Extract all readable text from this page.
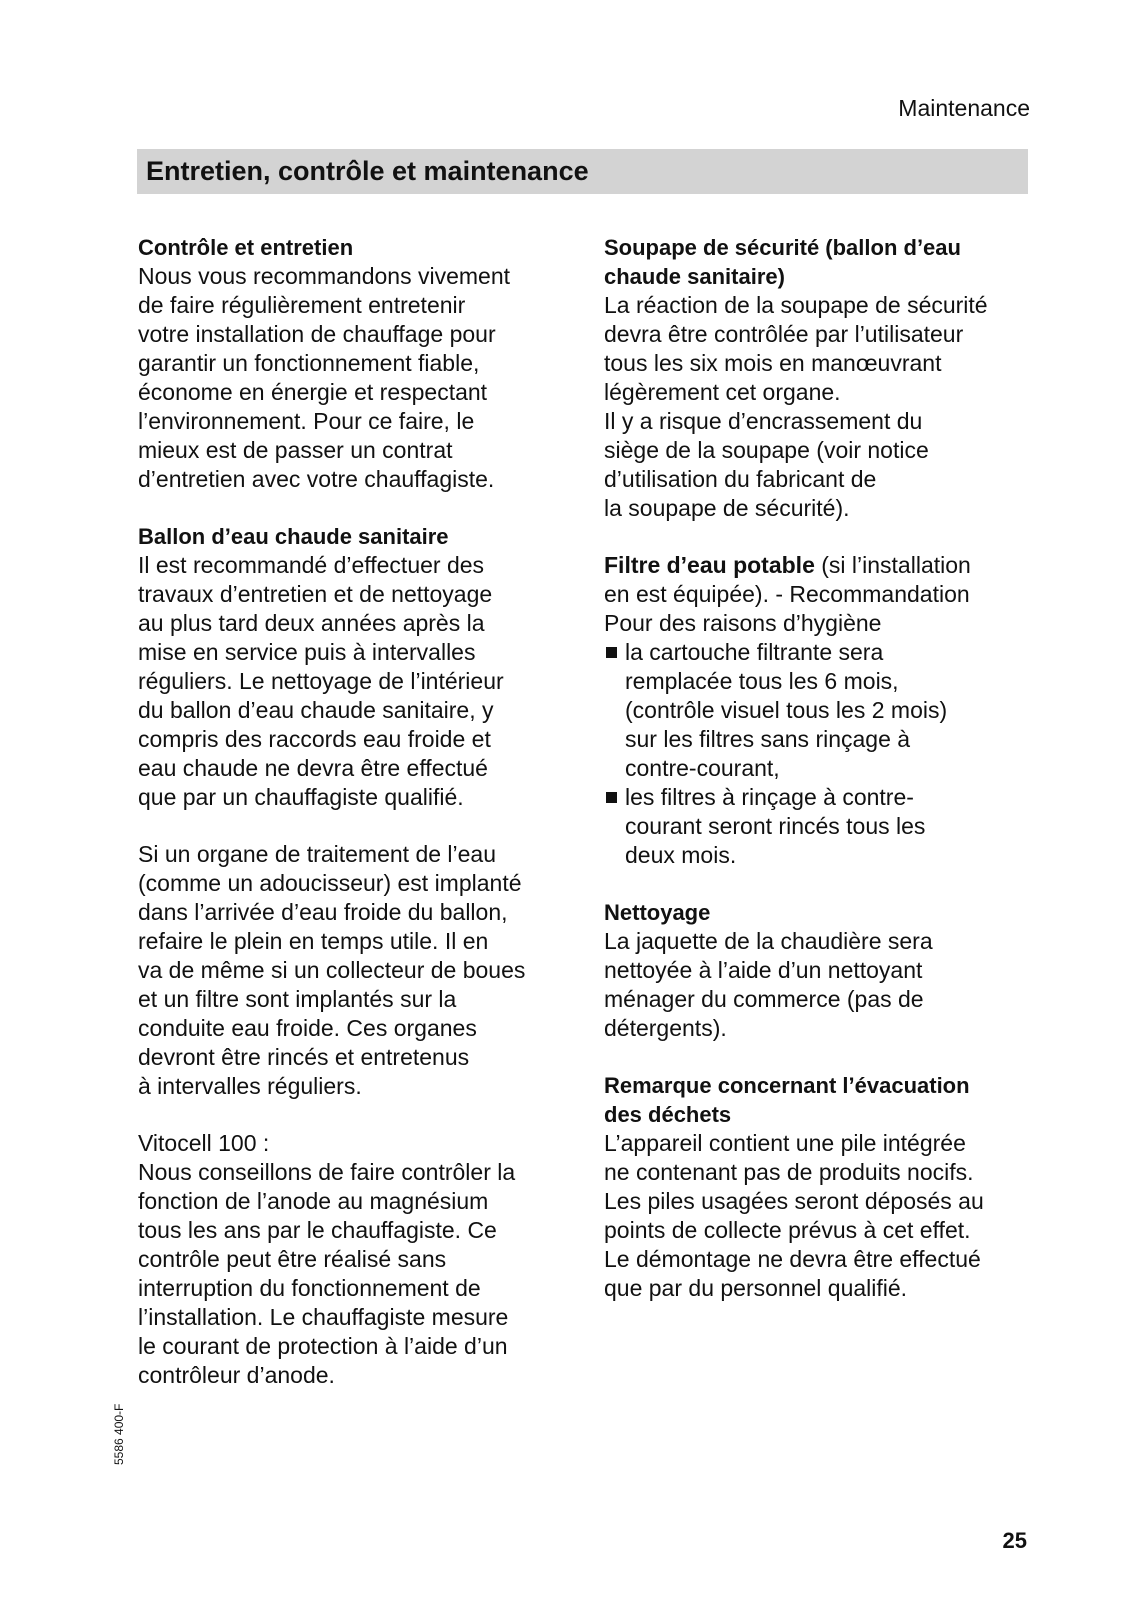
Maintenance
Entretien, contrôle et maintenance
Contrôle et entretien

Nous vous recommandons vivement

de faire régulièrement entretenir

votre installation de chauffage pour

garantir un fonctionnement fiable,

économe en énergie et respectant

l’environnement. Pour ce faire, le

mieux est de passer un contrat

d’entretien avec votre chauffagiste.

Ballon d’eau chaude sanitaire

Il est recommandé d’effectuer des

travaux d’entretien et de nettoyage

au plus tard deux années après la

mise en service puis à intervalles

réguliers. Le nettoyage de l’intérieur

du ballon d’eau chaude sanitaire, y

compris des raccords eau froide et

eau chaude ne devra être effectué

que par un chauffagiste qualifié.

Si un organe de traitement de l’eau

(comme un adoucisseur) est implanté

dans l’arrivée d’eau froide du ballon,

refaire le plein en temps utile. Il en

va de même si un collecteur de boues

et un filtre sont implantés sur la

conduite eau froide. Ces organes

devront être rincés et entretenus

à intervalles réguliers.

Vitocell 100 :

Nous conseillons de faire contrôler la

fonction de l’anode au magnésium

tous les ans par le chauffagiste. Ce

contrôle peut être réalisé sans

interruption du fonctionnement de

l’installation. Le chauffagiste mesure

le courant de protection à l’aide d’un

contrôleur d’anode.

Soupape de sécurité (ballon d’eau
chaude sanitaire)

La réaction de la soupape de sécurité

devra être contrôlée par l’utilisateur

tous les six mois en manœuvrant

légèrement cet organe.

Il y a risque d’encrassement du

siège de la soupape (voir notice

d’utilisation du fabricant de

la soupape de sécurité).

Filtre d’eau potable (si l’installation

en est équipée). - Recommandation

Pour des raisons d’hygiène

la cartouche filtrante sera
remplacée tous les 6 mois,
(contrôle visuel tous les 2 mois)
sur les filtres sans rinçage à
contre-courant,
les filtres à rinçage à contre-
courant seront rincés tous les
deux mois.
Nettoyage

La jaquette de la chaudière sera

nettoyée à l’aide d’un nettoyant

ménager du commerce (pas de

détergents).

Remarque concernant l’évacuation
des déchets

L’appareil contient une pile intégrée

ne contenant pas de produits nocifs.

Les piles usagées seront déposés au

points de collecte prévus à cet effet.

Le démontage ne devra être effectué

que par du personnel qualifié.

5586 400-F
25
